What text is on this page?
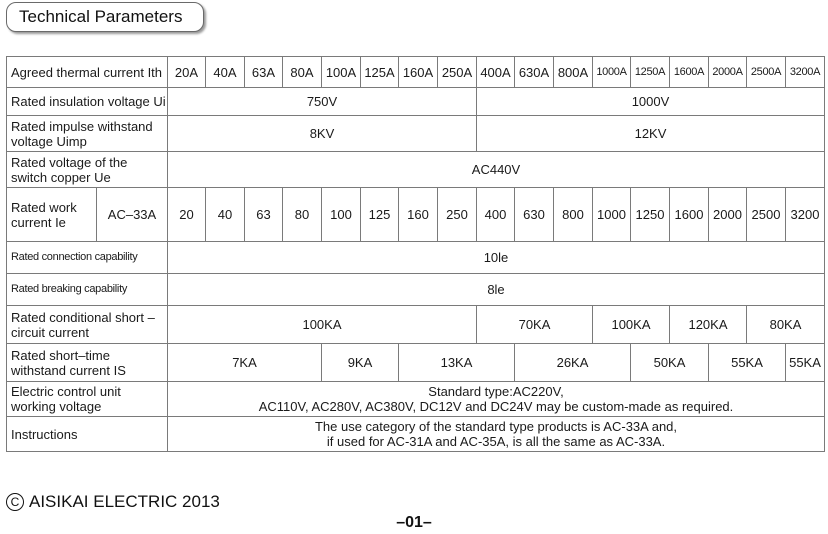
Technical Parameters
Agreed thermal current Ith		20A	40A	63A	80A	100A	125A	160A	250A	400A	630A	800A	1000A	1250A	1600A	2000A	2500A	3200A
Rated insulation voltage Ui		750V								1000V								
Rated impulse withstand voltage Uimp		8KV								12KV								
Rated voltage of the switch copper Ue		AC440V																
Rated work current Ie	AC–33A	20	40	63	80	100	125	160	250	400	630	800	1000	1250	1600	2000	2500	3200
Rated connection capability		10le																
Rated breaking capability		8le																
Rated conditional short –circuit current		100KA								70KA			100KA		120KA		80KA	
Rated short–time withstand current IS		7KA				9KA		13KA			26KA			50KA		55KA		55KA
Electric control unit working voltage		Standard type:AC220V,
AC110V, AC280V, AC380V, DC12V and DC24V may be custom-made as required.																

Instructions		The use category of the standard type products is AC-33A and,
if used for AC-31A and AC-35A, is all the same as AC-33A.																
C AISIKAI ELECTRIC 2013
–01–
